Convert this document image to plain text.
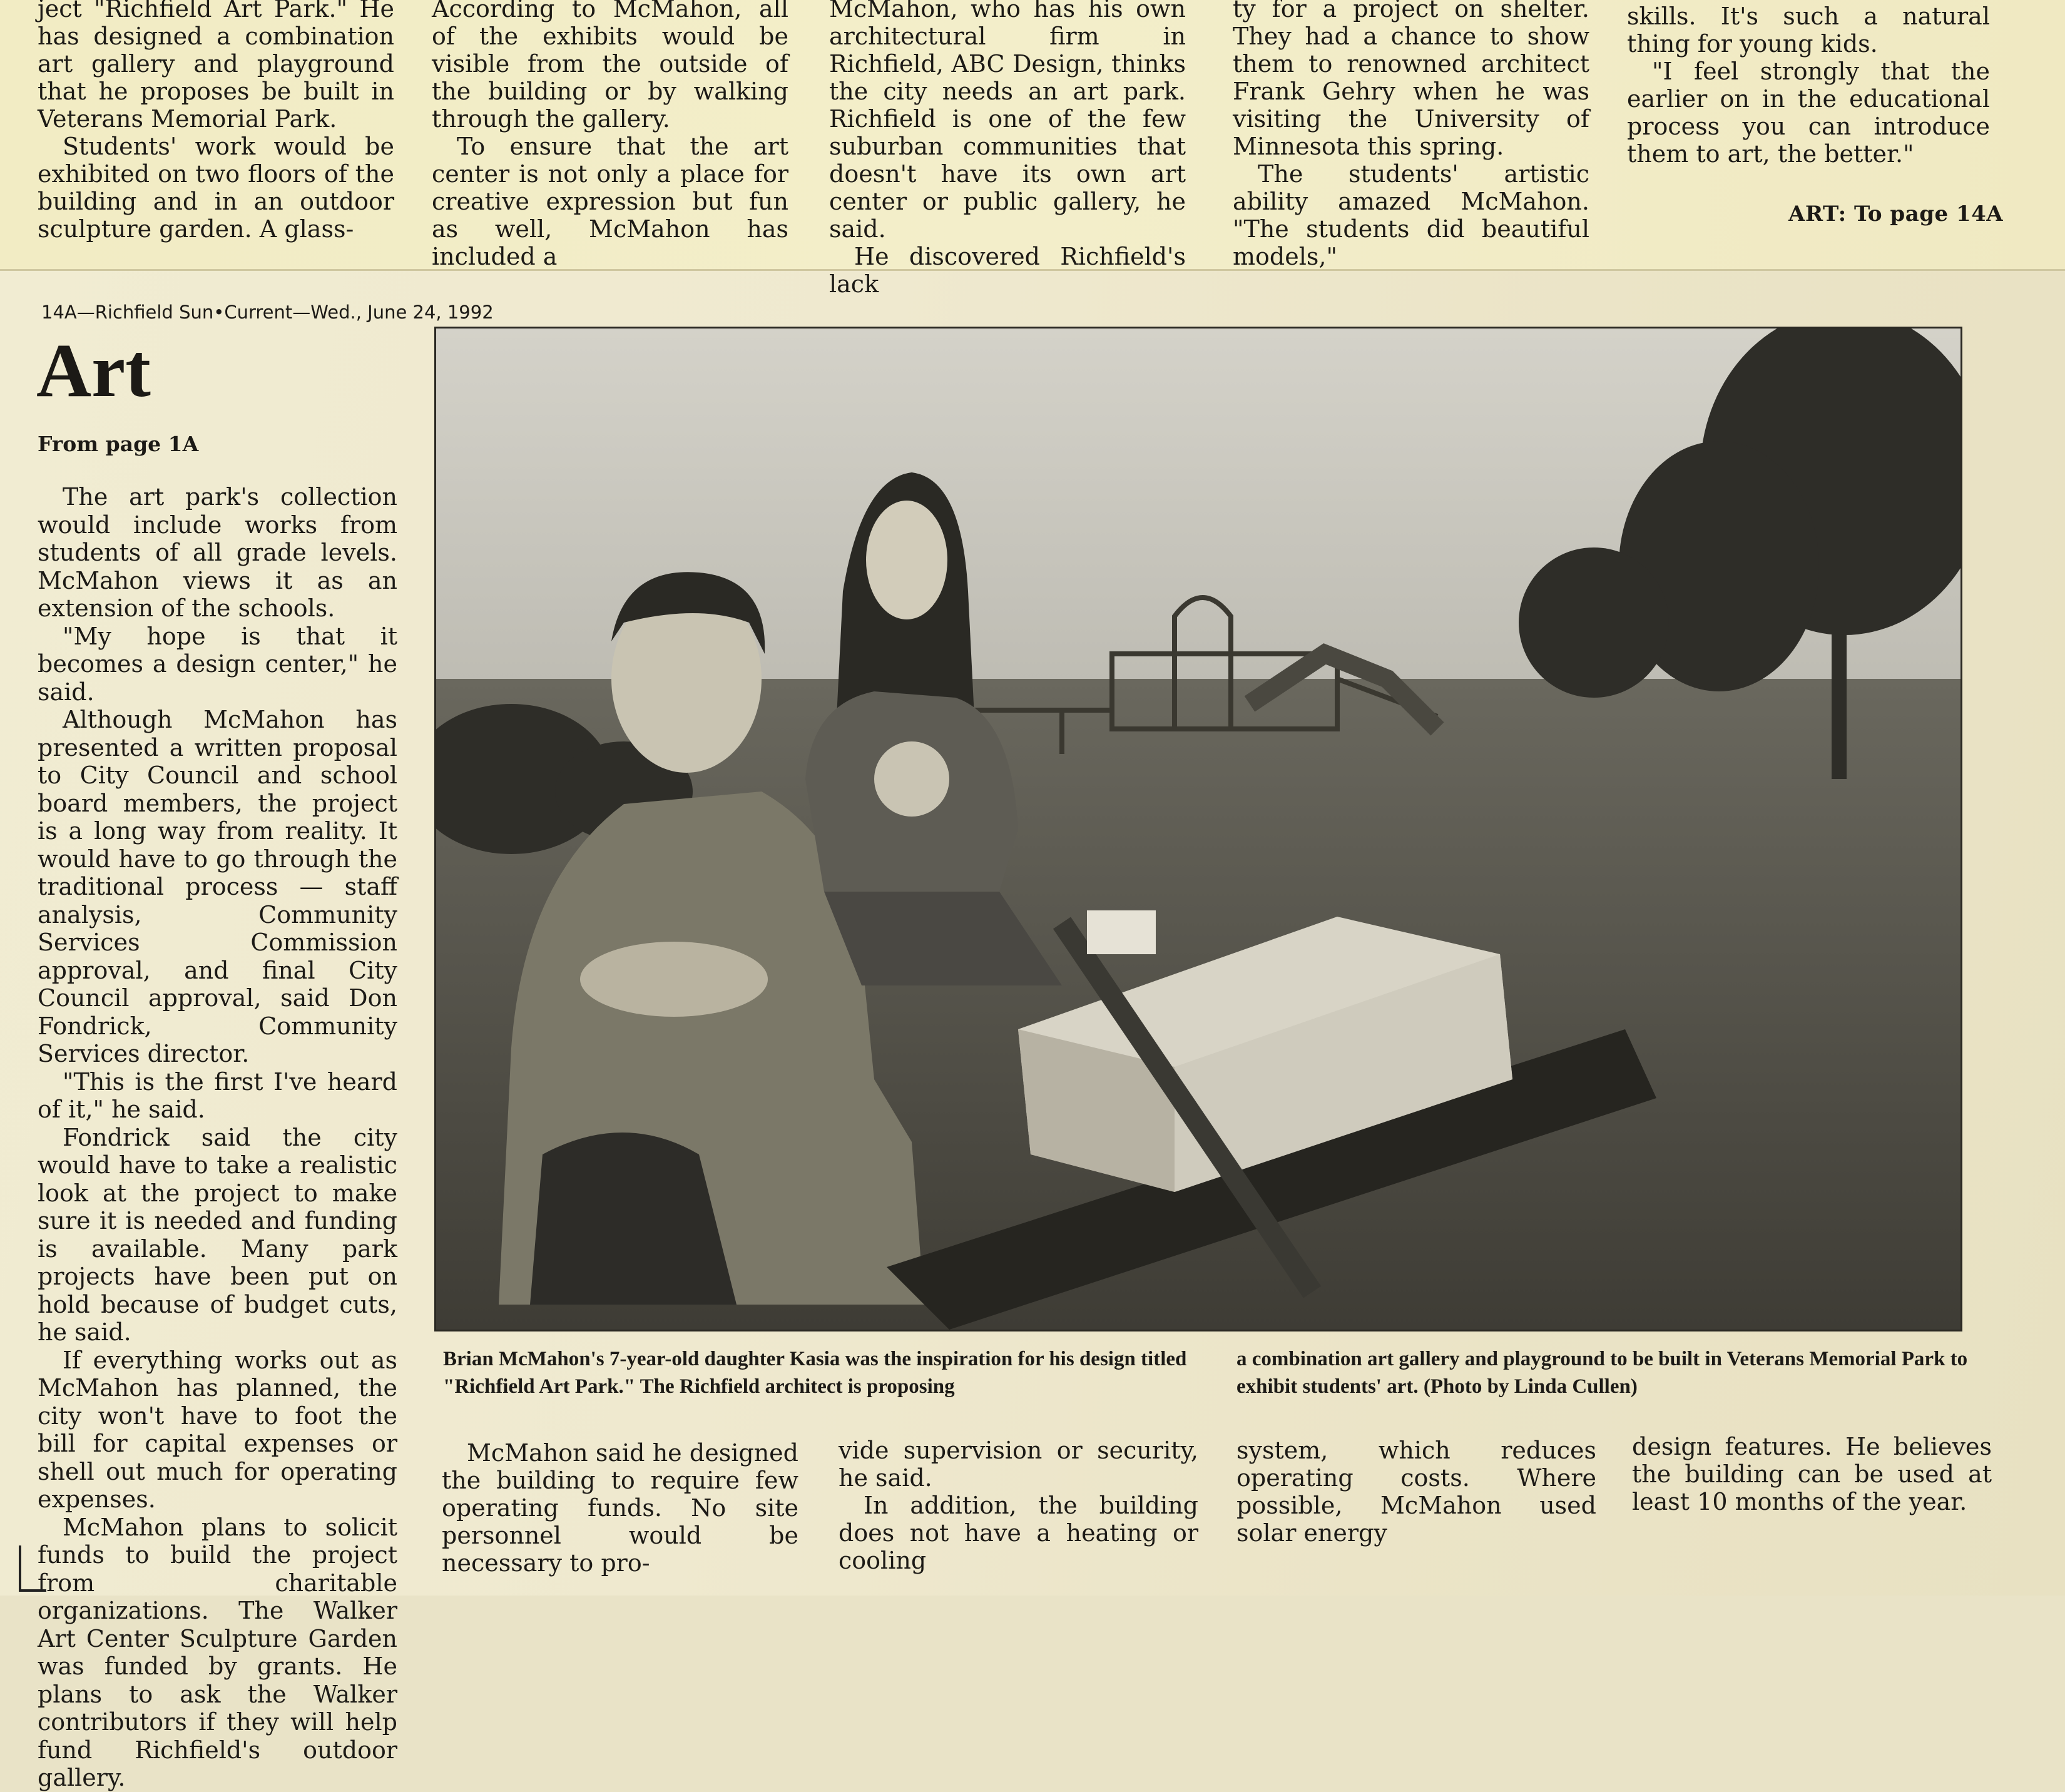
ject "Richfield Art Park." He has designed a combination art gallery and playground that he proposes be built in Veterans Memorial Park.

Students' work would be exhibited on two floors of the building and in an outdoor sculpture garden. A glass-

According to McMahon, all of the exhibits would be visible from the outside of the building or by walking through the gallery.

To ensure that the art center is not only a place for creative expression but fun as well, McMahon has included a

McMahon, who has his own architectural firm in Richfield, ABC Design, thinks the city needs an art park. Richfield is one of the few suburban communities that doesn't have its own art center or public gallery, he said.

He discovered Richfield's lack

ty for a project on shelter. They had a chance to show them to renowned architect Frank Gehry when he was visiting the University of Minnesota this spring.

The students' artistic ability amazed McMahon. "The students did beautiful models,"

skills. It's such a natural thing for young kids.

"I feel strongly that the earlier on in the educational process you can introduce them to art, the better."

ART: To page 14A
14A—Richfield Sun•Current—Wed., June 24, 1992
Art
From page 1A

The art park's collection would include works from students of all grade levels. McMahon views it as an extension of the schools.

"My hope is that it becomes a design center," he said.

Although McMahon has presented a written proposal to City Council and school board members, the project is a long way from reality. It would have to go through the traditional process — staff analysis, Community Services Commission approval, and final City Council approval, said Don Fondrick, Community Services director.

"This is the first I've heard of it," he said.

Fondrick said the city would have to take a realistic look at the project to make sure it is needed and funding is available. Many park projects have been put on hold because of budget cuts, he said.

If everything works out as McMahon has planned, the city won't have to foot the bill for capital expenses or shell out much for operating expenses.

McMahon plans to solicit funds to build the project from charitable organizations. The Walker Art Center Sculpture Garden was funded by grants. He plans to ask the Walker contributors if they will help fund Richfield's outdoor gallery.

Brian McMahon's 7-year-old daughter Kasia was the inspiration for his design titled "Richfield Art Park." The Richfield architect is proposing
a combination art gallery and playground to be built in Veterans Memorial Park to exhibit students' art. (Photo by Linda Cullen)

McMahon said he designed the building to require few operating funds. No site personnel would be necessary to pro-

vide supervision or security, he said.

In addition, the building does not have a heating or cooling

system, which reduces operating costs. Where possible, McMahon used solar energy

design features. He believes the building can be used at least 10 months of the year.
